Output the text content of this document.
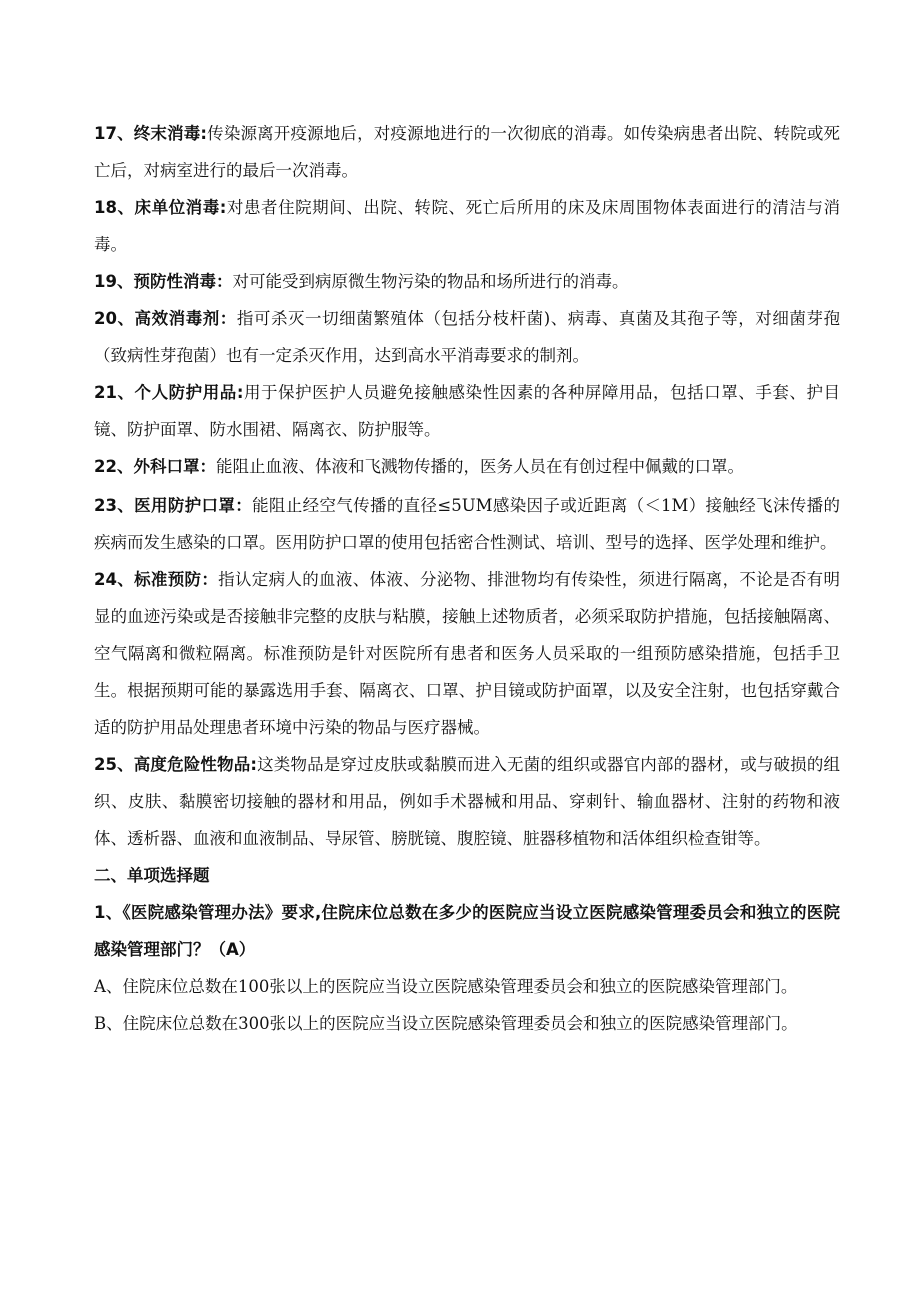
17、终末消毒:传染源离开疫源地后，对疫源地进行的一次彻底的消毒。如传染病患者出院、转院或死亡后，对病室进行的最后一次消毒。

18、床单位消毒:对患者住院期间、出院、转院、死亡后所用的床及床周围物体表面进行的清洁与消毒。

19、预防性消毒：对可能受到病原微生物污染的物品和场所进行的消毒。

20、高效消毒剂：指可杀灭一切细菌繁殖体（包括分枝杆菌)、病毒、真菌及其孢子等，对细菌芽孢（致病性芽孢菌）也有一定杀灭作用，达到高水平消毒要求的制剂。

21、个人防护用品:用于保护医护人员避免接触感染性因素的各种屏障用品，包括口罩、手套、护目镜、防护面罩、防水围裙、隔离衣、防护服等。

22、外科口罩：能阻止血液、体液和飞溅物传播的，医务人员在有创过程中佩戴的口罩。

23、医用防护口罩：能阻止经空气传播的直径≤5UM感染因子或近距离（＜1M）接触经飞沫传播的疾病而发生感染的口罩。医用防护口罩的使用包括密合性测试、培训、型号的选择、医学处理和维护。

24、标准预防：指认定病人的血液、体液、分泌物、排泄物均有传染性，须进行隔离，不论是否有明显的血迹污染或是否接触非完整的皮肤与粘膜，接触上述物质者，必须采取防护措施，包括接触隔离、空气隔离和微粒隔离。标准预防是针对医院所有患者和医务人员采取的一组预防感染措施，包括手卫生。根据预期可能的暴露选用手套、隔离衣、口罩、护目镜或防护面罩，以及安全注射，也包括穿戴合适的防护用品处理患者环境中污染的物品与医疗器械。

25、高度危险性物品:这类物品是穿过皮肤或黏膜而进入无菌的组织或器官内部的器材，或与破损的组织、皮肤、黏膜密切接触的器材和用品，例如手术器械和用品、穿刺针、输血器材、注射的药物和液体、透析器、血液和血液制品、导尿管、膀胱镜、腹腔镜、脏器移植物和活体组织检查钳等。

二、单项选择题

1、《医院感染管理办法》要求,住院床位总数在多少的医院应当设立医院感染管理委员会和独立的医院感染管理部门？（A）

A、住院床位总数在100张以上的医院应当设立医院感染管理委员会和独立的医院感染管理部门。

B、住院床位总数在300张以上的医院应当设立医院感染管理委员会和独立的医院感染管理部门。
